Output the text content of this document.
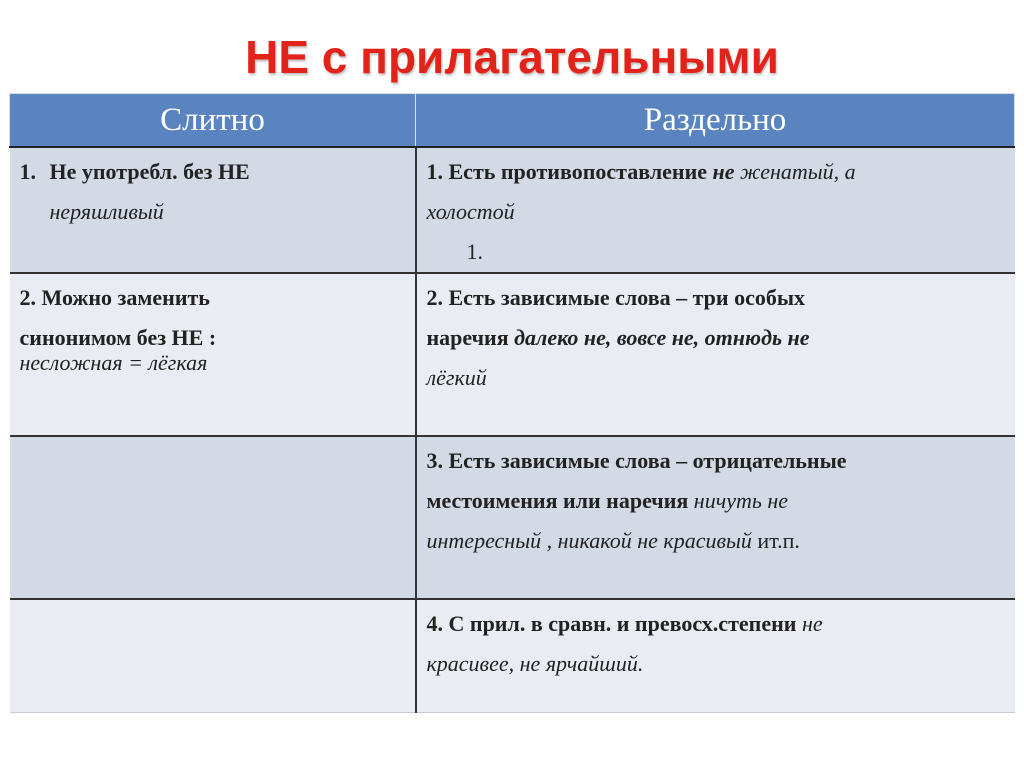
НЕ с прилагательными
Слитно	Раздельно
1. Не употребл. без НЕ
неряшливый	1. Есть противопоставление не женатый, а
холостой

1.

2. Можно заменить
синонимом без НЕ :

несложная = лёгкая	2. Есть зависимые слова – три особых
наречия далеко не, вовсе не, отнюдь не
лёгкий
	3. Есть зависимые слова – отрицательные
местоимения или наречия ничуть не
интересный , никакой не красивый ит.п.
	4. С прил. в сравн. и превосх.степени не
красивее, не ярчайший.
